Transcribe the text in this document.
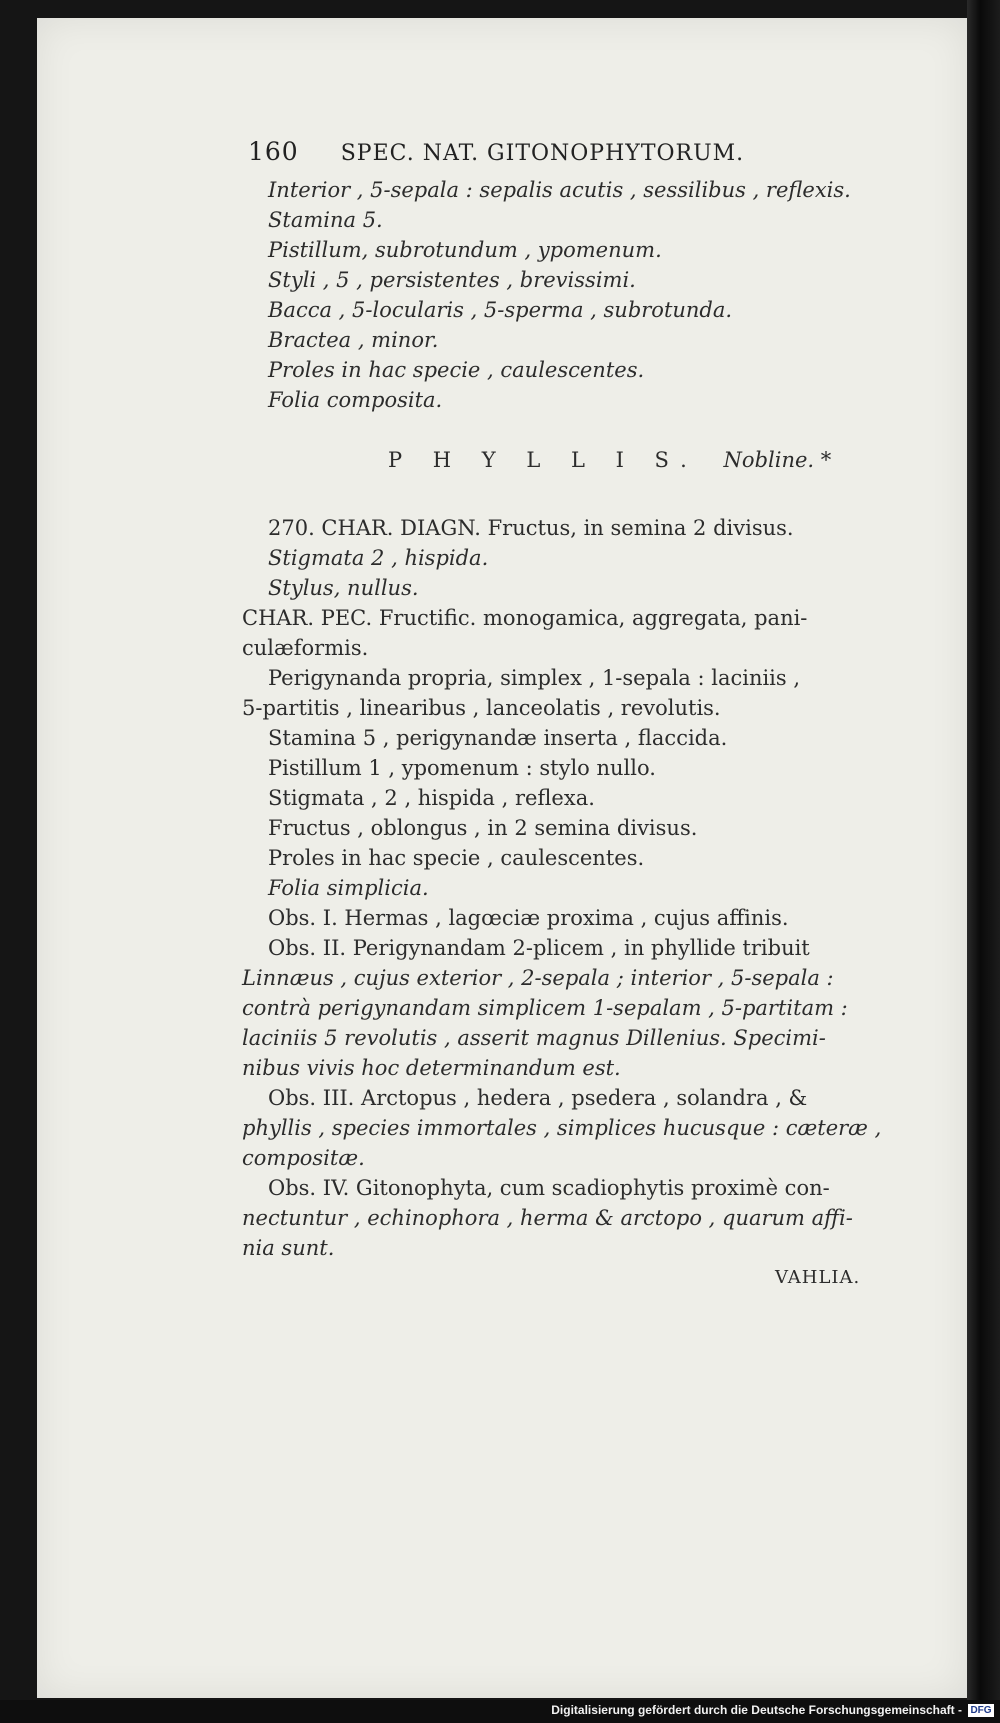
160 SPEC. NAT. GITONOPHYTORUM.
Interior , 5-sepala : sepalis acutis , sessilibus , reflexis.
Stamina 5.
Pistillum, subrotundum , ypomenum.
Styli , 5 , persistentes , brevissimi.
Bacca , 5-locularis , 5-sperma , subrotunda.
Bractea , minor.
Proles in hac specie , caulescentes.
Folia composita.
P H Y L L I S. Nobline. *
270. CHAR. DIAGN. Fructus, in semina 2 divisus.
Stigmata 2 , hispida.
Stylus, nullus.
CHAR. PEC. Fructific. monogamica, aggregata, pani-
culæformis.
Perigynanda propria, simplex , 1-sepala : laciniis ,
5-partitis , linearibus , lanceolatis , revolutis.
Stamina 5 , perigynandæ inserta , flaccida.
Pistillum 1 , ypomenum : stylo nullo.
Stigmata , 2 , hispida , reflexa.
Fructus , oblongus , in 2 semina divisus.
Proles in hac specie , caulescentes.
Folia simplicia.
Obs. I. Hermas , lagœciæ proxima , cujus affinis.
Obs. II. Perigynandam 2-plicem , in phyllide tribuit
Linnæus , cujus exterior , 2-sepala ; interior , 5-sepala :
contrà perigynandam simplicem 1-sepalam , 5-partitam :
laciniis 5 revolutis , asserit magnus Dillenius. Specimi-
nibus vivis hoc determinandum est.
Obs. III. Arctopus , hedera , psedera , solandra , &
phyllis , species immortales , simplices hucusque : cæteræ ,
compositæ.
Obs. IV. Gitonophyta, cum scadiophytis proximè con-
nectuntur , echinophora , herma & arctopo , quarum affi-
nia sunt.
VAHLIA.
Digitalisierung gefördert durch die Deutsche Forschungsgemeinschaft - DFG
